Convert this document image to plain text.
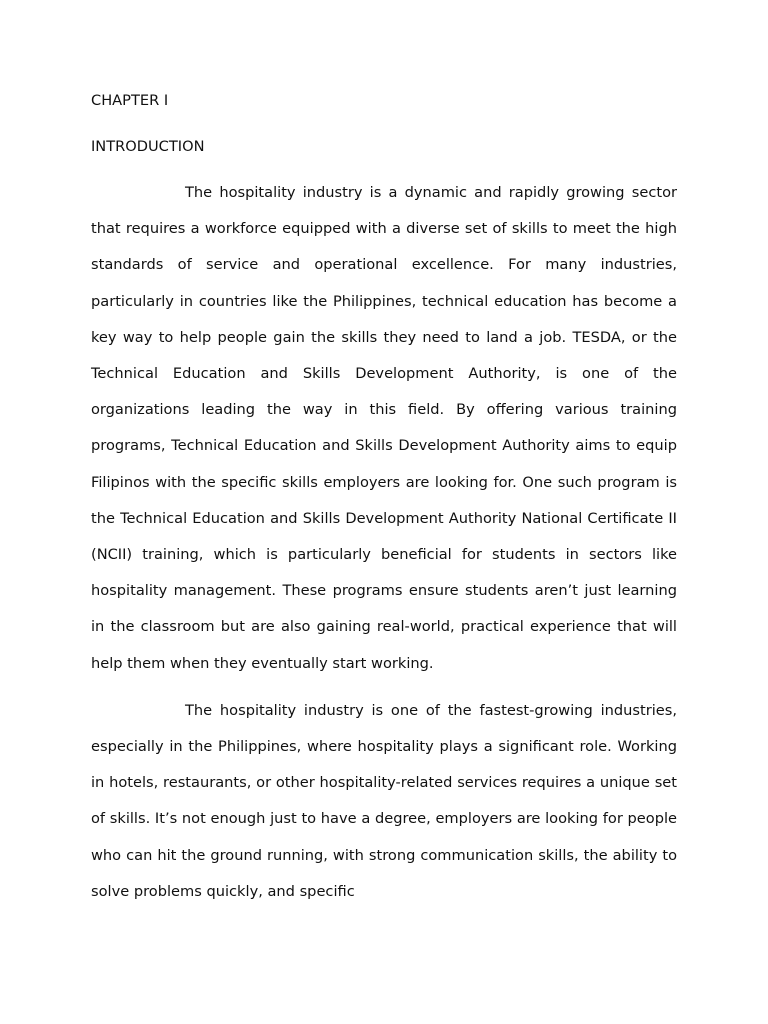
CHAPTER I

INTRODUCTION

The hospitality industry is a dynamic and rapidly growing sector that requires a workforce equipped with a diverse set of skills to meet the high standards of service and operational excellence. For many industries, particularly in countries like the Philippines, technical education has become a key way to help people gain the skills they need to land a job. TESDA, or the Technical Education and Skills Development Authority, is one of the organizations leading the way in this field. By offering various training programs, Technical Education and Skills Development Authority aims to equip Filipinos with the specific skills employers are looking for. One such program is the Technical Education and Skills Development Authority National Certificate II (NCII) training, which is particularly beneficial for students in sectors like hospitality management. These programs ensure students aren’t just learning in the classroom but are also gaining real-world, practical experience that will help them when they eventually start working.

The hospitality industry is one of the fastest-growing industries, especially in the Philippines, where hospitality plays a significant role. Working in hotels, restaurants, or other hospitality-related services requires a unique set of skills. It’s not enough just to have a degree, employers are looking for people who can hit the ground running, with strong communication skills, the ability to solve problems quickly, and specific
